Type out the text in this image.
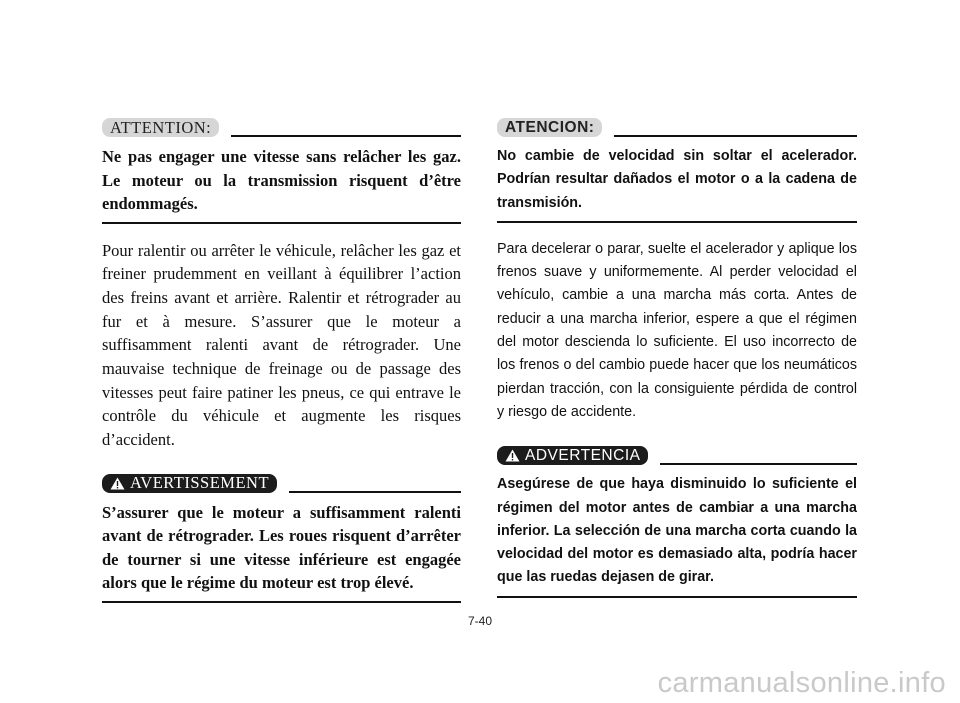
ATTENTION:
Ne pas engager une vitesse sans relâcher les gaz. Le moteur ou la transmission risquent d’être endommagés.

Pour ralentir ou arrêter le véhicule, relâcher les gaz et freiner prudemment en veillant à équilibrer l’action des freins avant et arrière. Ralentir et rétrograder au fur et à mesure. S’assurer que le moteur a suffisamment ralenti avant de rétrograder. Une mauvaise technique de freinage ou de passage des vitesses peut faire patiner les pneus, ce qui entrave le contrôle du véhicule et augmente les risques d’accident.

AVERTISSEMENT
S’assurer que le moteur a suffisamment ralenti avant de rétrograder. Les roues risquent d’arrêter de tourner si une vitesse inférieure est engagée alors que le régime du moteur est trop élevé.
ATENCION:
No cambie de velocidad sin soltar el acelerador. Podrían resultar dañados el motor o a la cadena de transmisión.

Para decelerar o parar, suelte el acelerador y aplique los frenos suave y uniformemente. Al perder velocidad el vehículo, cambie a una marcha más corta. Antes de reducir a una marcha inferior, espere a que el régimen del motor descienda lo suficiente. El uso incorrecto de los frenos o del cambio puede hacer que los neumáticos pierdan tracción, con la consiguiente pérdida de control y riesgo de accidente.

ADVERTENCIA
Asegúrese de que haya disminuido lo suficiente el régimen del motor antes de cambiar a una marcha inferior. La selección de una marcha corta cuando la velocidad del motor es demasiado alta, podría hacer que las ruedas dejasen de girar.
7-40
carmanualsonline.info
